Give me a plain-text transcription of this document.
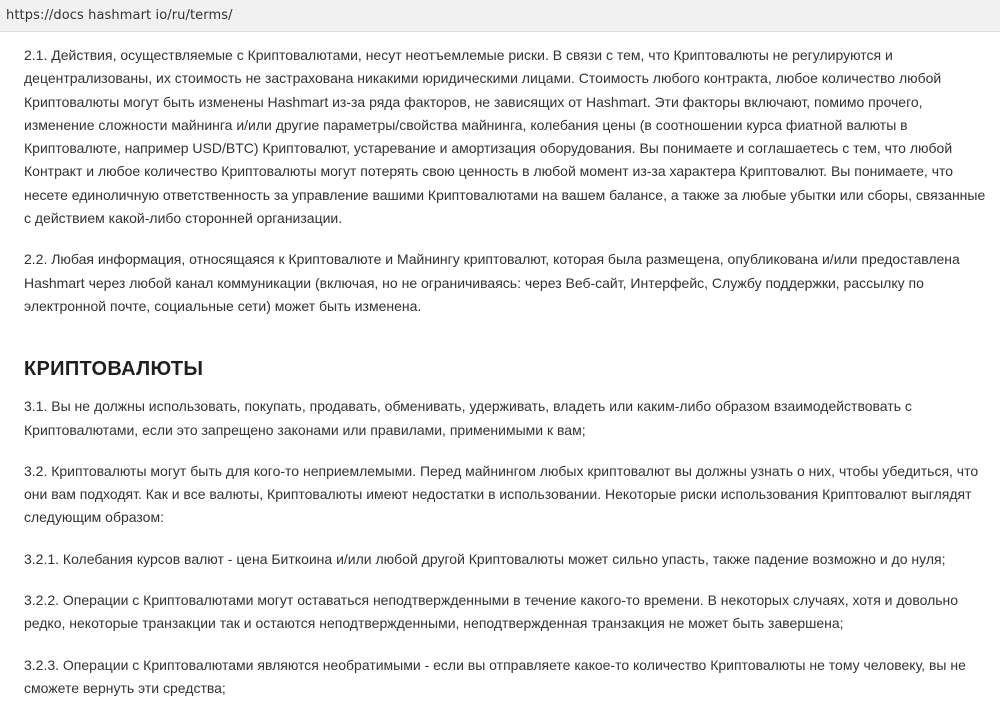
https://docs hashmart io/ru/terms/

2.1. Действия, осуществляемые с Криптовалютами, несут неотъемлемые риски. В связи с тем, что Криптовалюты не регулируются и децентрализованы, их стоимость не застрахована никакими юридическими лицами. Стоимость любого контракта, любое количество любой Криптовалюты могут быть изменены Hashmart из-за ряда факторов, не зависящих от Hashmart. Эти факторы включают, помимо прочего, изменение сложности майнинга и/или другие параметры/свойства майнинга, колебания цены (в соотношении курса фиатной валюты в Криптовалюте, например USD/BTC) Криптовалют, устаревание и амортизация оборудования. Вы понимаете и соглашаетесь с тем, что любой Контракт и любое количество Криптовалюты могут потерять свою ценность в любой момент из-за характера Криптовалют. Вы понимаете, что несете единоличную ответственность за управление вашими Криптовалютами на вашем балансе, а также за любые убытки или сборы, связанные с действием какой-либо сторонней организации.

2.2. Любая информация, относящаяся к Криптовалюте и Майнингу криптовалют, которая была размещена, опубликована и/или предоставлена Hashmart через любой канал коммуникации (включая, но не ограничиваясь: через Веб-сайт, Интерфейс, Службу поддержки, рассылку по электронной почте, социальные сети) может быть изменена.

КРИПТОВАЛЮТЫ

3.1. Вы не должны использовать, покупать, продавать, обменивать, удерживать, владеть или каким-либо образом взаимодействовать с Криптовалютами, если это запрещено законами или правилами, применимыми к вам;

3.2. Криптовалюты могут быть для кого-то неприемлемыми. Перед майнингом любых криптовалют вы должны узнать о них, чтобы убедиться, что они вам подходят. Как и все валюты, Криптовалюты имеют недостатки в использовании. Некоторые риски использования Криптовалют выглядят следующим образом:

3.2.1. Колебания курсов валют - цена Биткоина и/или любой другой Криптовалюты может сильно упасть, также падение возможно и до нуля;

3.2.2. Операции с Криптовалютами могут оставаться неподтвержденными в течение какого-то времени. В некоторых случаях, хотя и довольно редко, некоторые транзакции так и остаются неподтвержденными, неподтвержденная транзакция не может быть завершена;

3.2.3. Операции с Криптовалютами являются необратимыми - если вы отправляете какое-то количество Криптовалюты не тому человеку, вы не сможете вернуть эти средства;
